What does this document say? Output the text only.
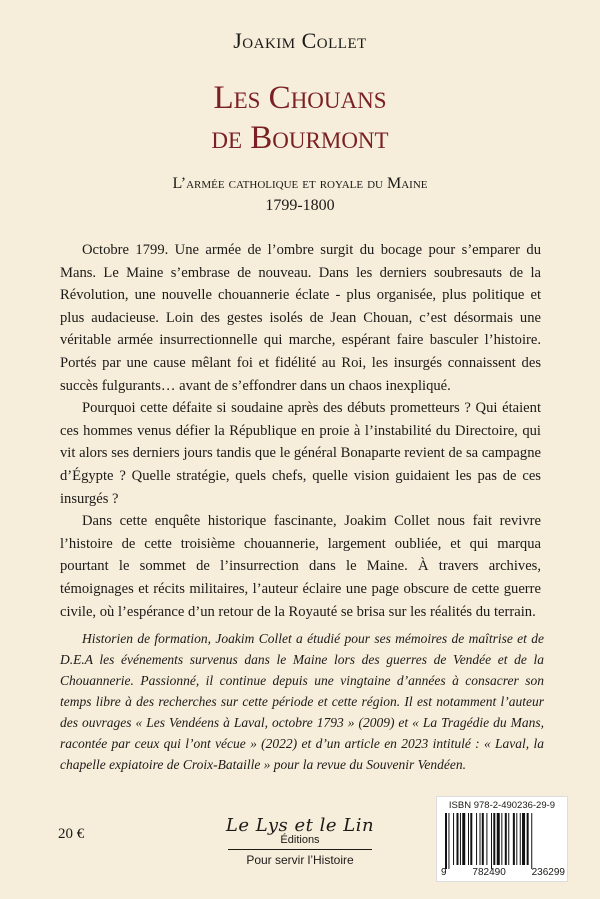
Joakim Collet
Les Chouans
de Bourmont
L’armée catholique et royale du Maine
1799-1800

Octobre 1799. Une armée de l’ombre surgit du bocage pour s’emparer du Mans. Le Maine s’embrase de nouveau. Dans les derniers soubresauts de la Révolution, une nouvelle chouannerie éclate - plus organisée, plus politique et plus audacieuse. Loin des gestes isolés de Jean Chouan, c’est désormais une véritable armée insurrectionnelle qui marche, espérant faire basculer l’histoire. Portés par une cause mêlant foi et fidélité au Roi, les insurgés connaissent des succès fulgurants… avant de s’effondrer dans un chaos inexpliqué.

Pourquoi cette défaite si soudaine après des débuts prometteurs ? Qui étaient ces hommes venus défier la République en proie à l’instabilité du Directoire, qui vit alors ses derniers jours tandis que le général Bonaparte revient de sa campagne d’Égypte ? Quelle stratégie, quels chefs, quelle vision guidaient les pas de ces insurgés ?

Dans cette enquête historique fascinante, Joakim Collet nous fait revivre l’histoire de cette troisième chouannerie, largement oubliée, et qui marqua pourtant le sommet de l’insurrection dans le Maine. À travers archives, témoignages et récits militaires, l’auteur éclaire une page obscure de cette guerre civile, où l’espérance d’un retour de la Royauté se brisa sur les réalités du terrain.

Historien de formation, Joakim Collet a étudié pour ses mémoires de maîtrise et de D.E.A les événements survenus dans le Maine lors des guerres de Vendée et de la Chouannerie. Passionné, il continue depuis une vingtaine d’années à consacrer son temps libre à des recherches sur cette période et cette région. Il est notamment l’auteur des ouvrages « Les Vendéens à Laval, octobre 1793 » (2009) et « La Tragédie du Mans, racontée par ceux qui l’ont vécue » (2022) et d’un article en 2023 intitulé : « Laval, la chapelle expiatoire de Croix-Bataille » pour la revue du Souvenir Vendéen.

20 €	Le Lys et le Lin
Éditions
Pour servir l’Histoire
ISBN 978-2-490236-29-9
9	782490	236299
